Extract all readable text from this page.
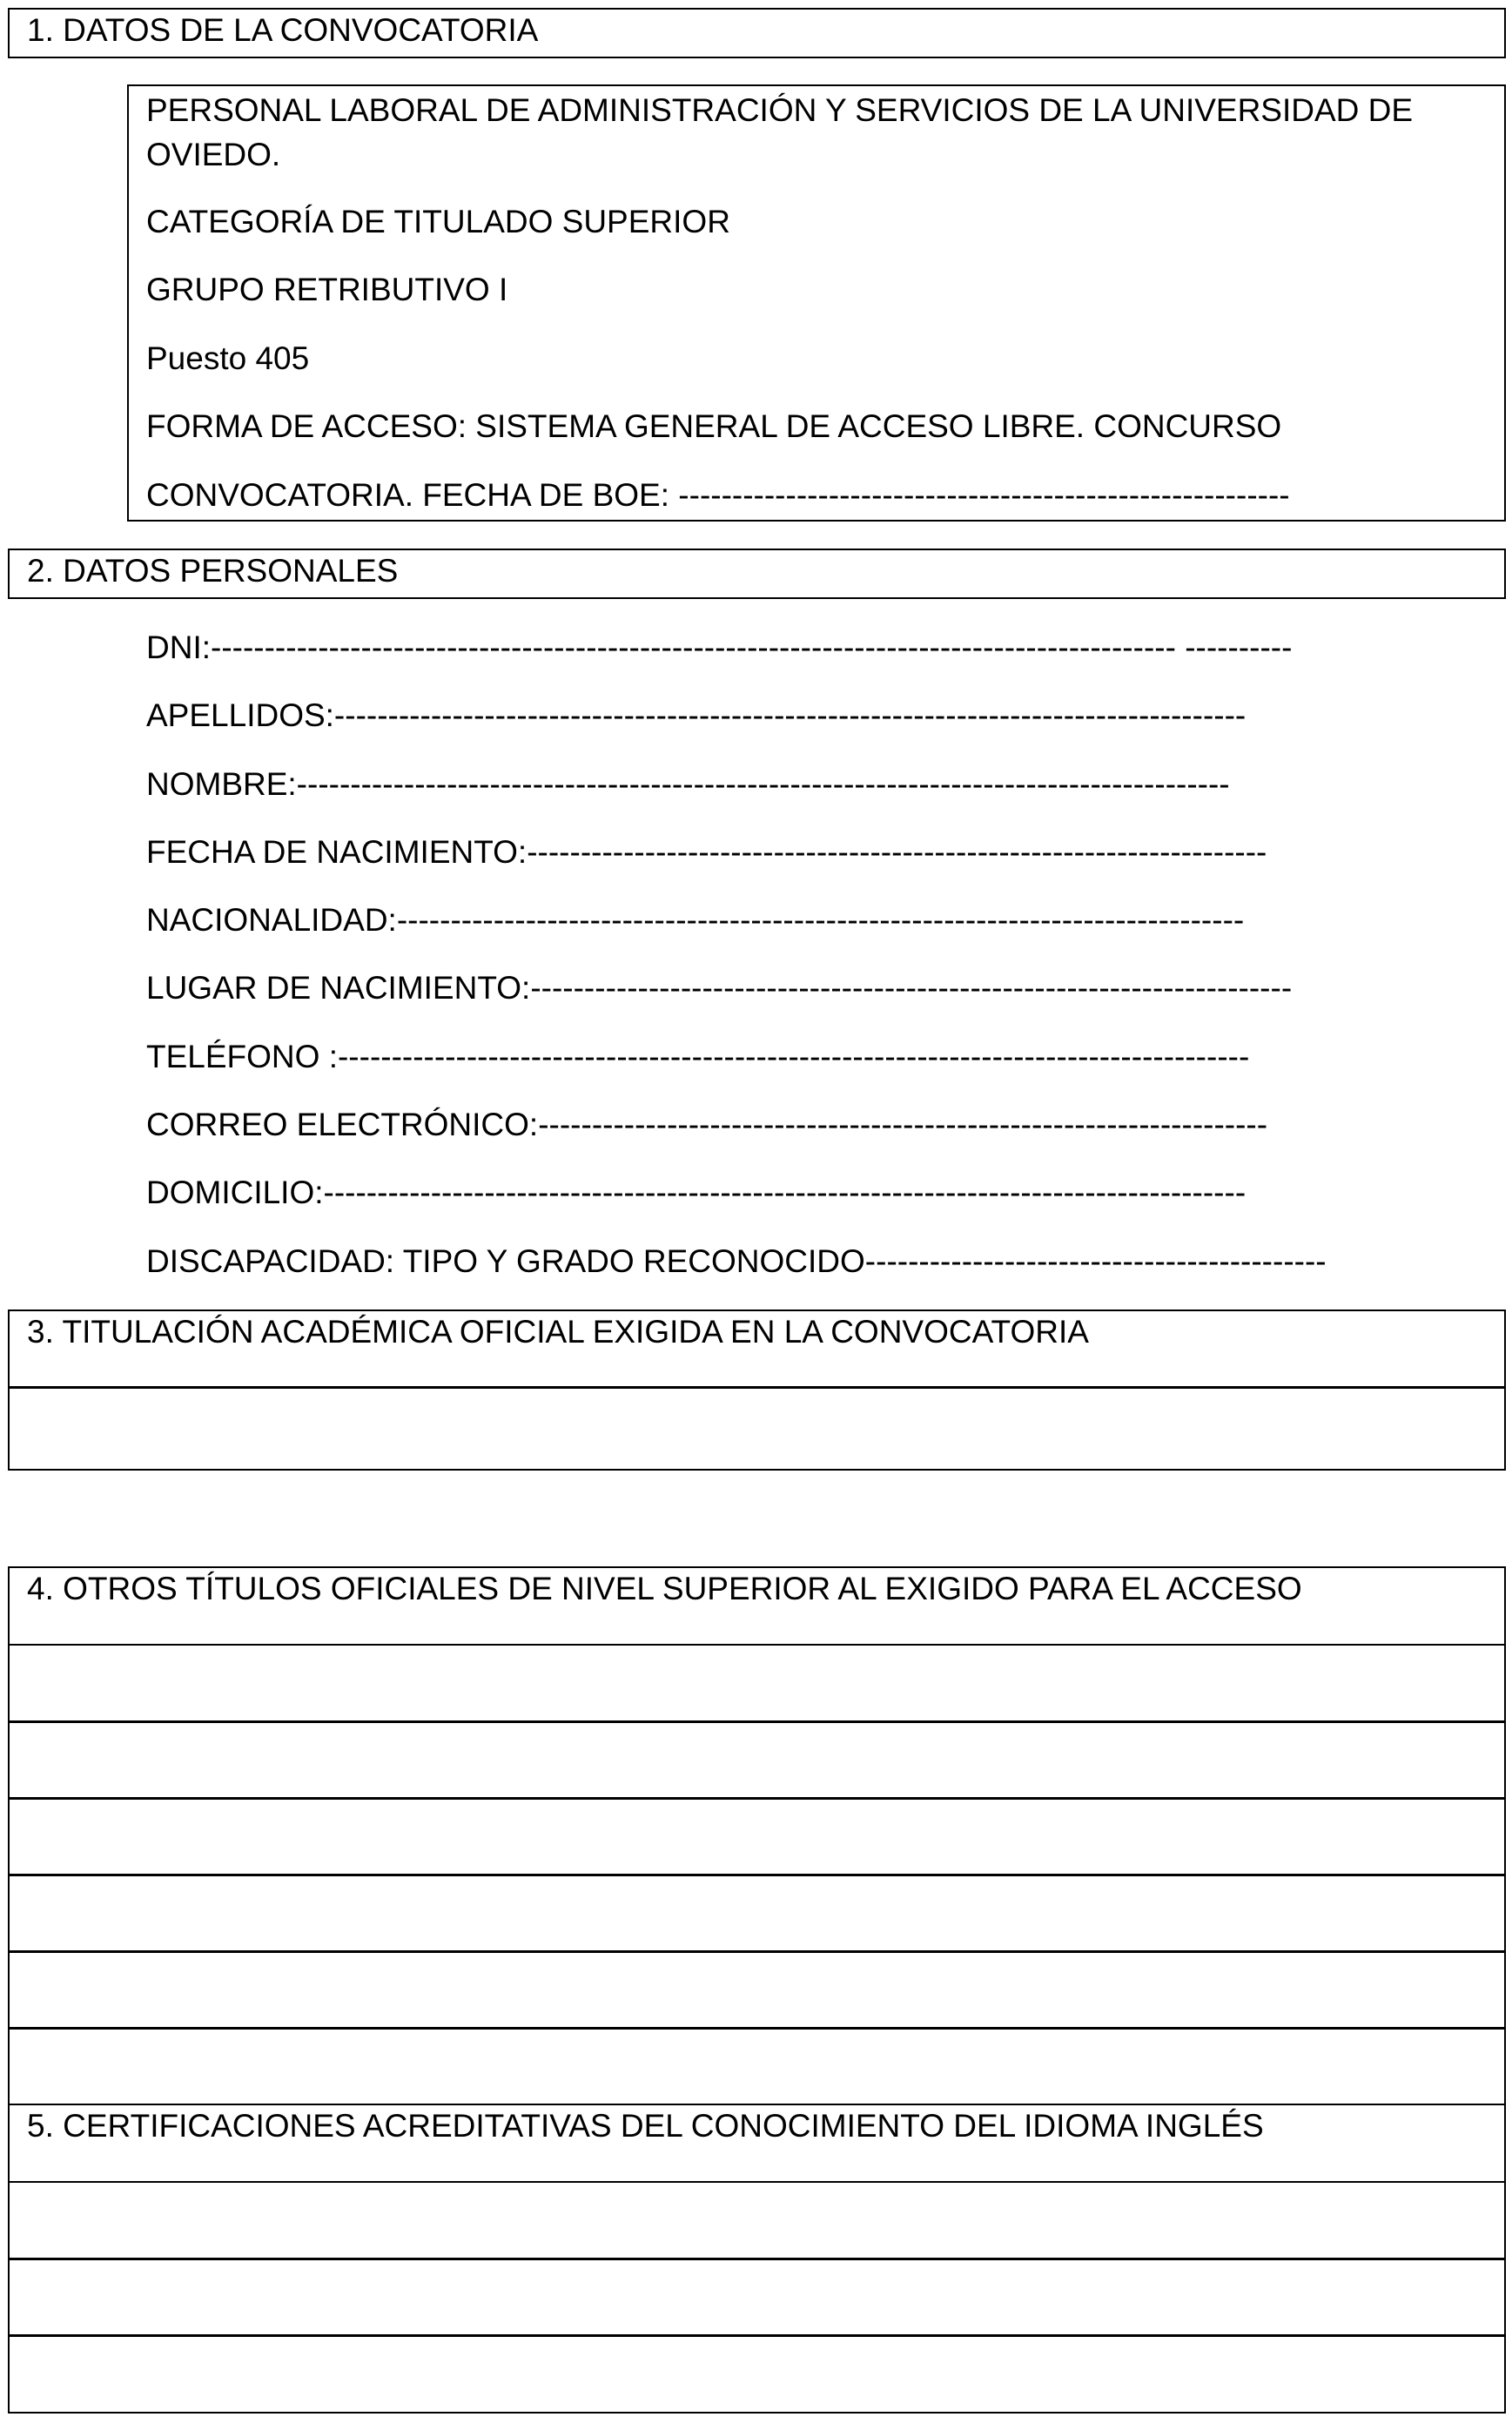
1. DATOS DE LA CONVOCATORIA
PERSONAL LABORAL DE ADMINISTRACIÓN Y SERVICIOS DE LA UNIVERSIDAD DE
OVIEDO.
CATEGORÍA DE TITULADO SUPERIOR
GRUPO RETRIBUTIVO I
Puesto 405
FORMA DE ACCESO: SISTEMA GENERAL DE ACCESO LIBRE. CONCURSO
CONVOCATORIA. FECHA DE BOE: ---------------------------------------------------------
2. DATOS PERSONALES
DNI:------------------------------------------------------------------------------------------ ----------
APELLIDOS:-------------------------------------------------------------------------------------
NOMBRE:---------------------------------------------------------------------------------------
FECHA DE NACIMIENTO:---------------------------------------------------------------------
NACIONALIDAD:-------------------------------------------------------------------------------
LUGAR DE NACIMIENTO:-----------------------------------------------------------------------
TELÉFONO :-------------------------------------------------------------------------------------
CORREO ELECTRÓNICO:--------------------------------------------------------------------
DOMICILIO:--------------------------------------------------------------------------------------
DISCAPACIDAD: TIPO Y GRADO RECONOCIDO-------------------------------------------
3. TITULACIÓN ACADÉMICA OFICIAL EXIGIDA EN LA CONVOCATORIA
4. OTROS TÍTULOS OFICIALES DE NIVEL SUPERIOR AL EXIGIDO PARA EL ACCESO
5. CERTIFICACIONES ACREDITATIVAS DEL CONOCIMIENTO DEL IDIOMA INGLÉS
